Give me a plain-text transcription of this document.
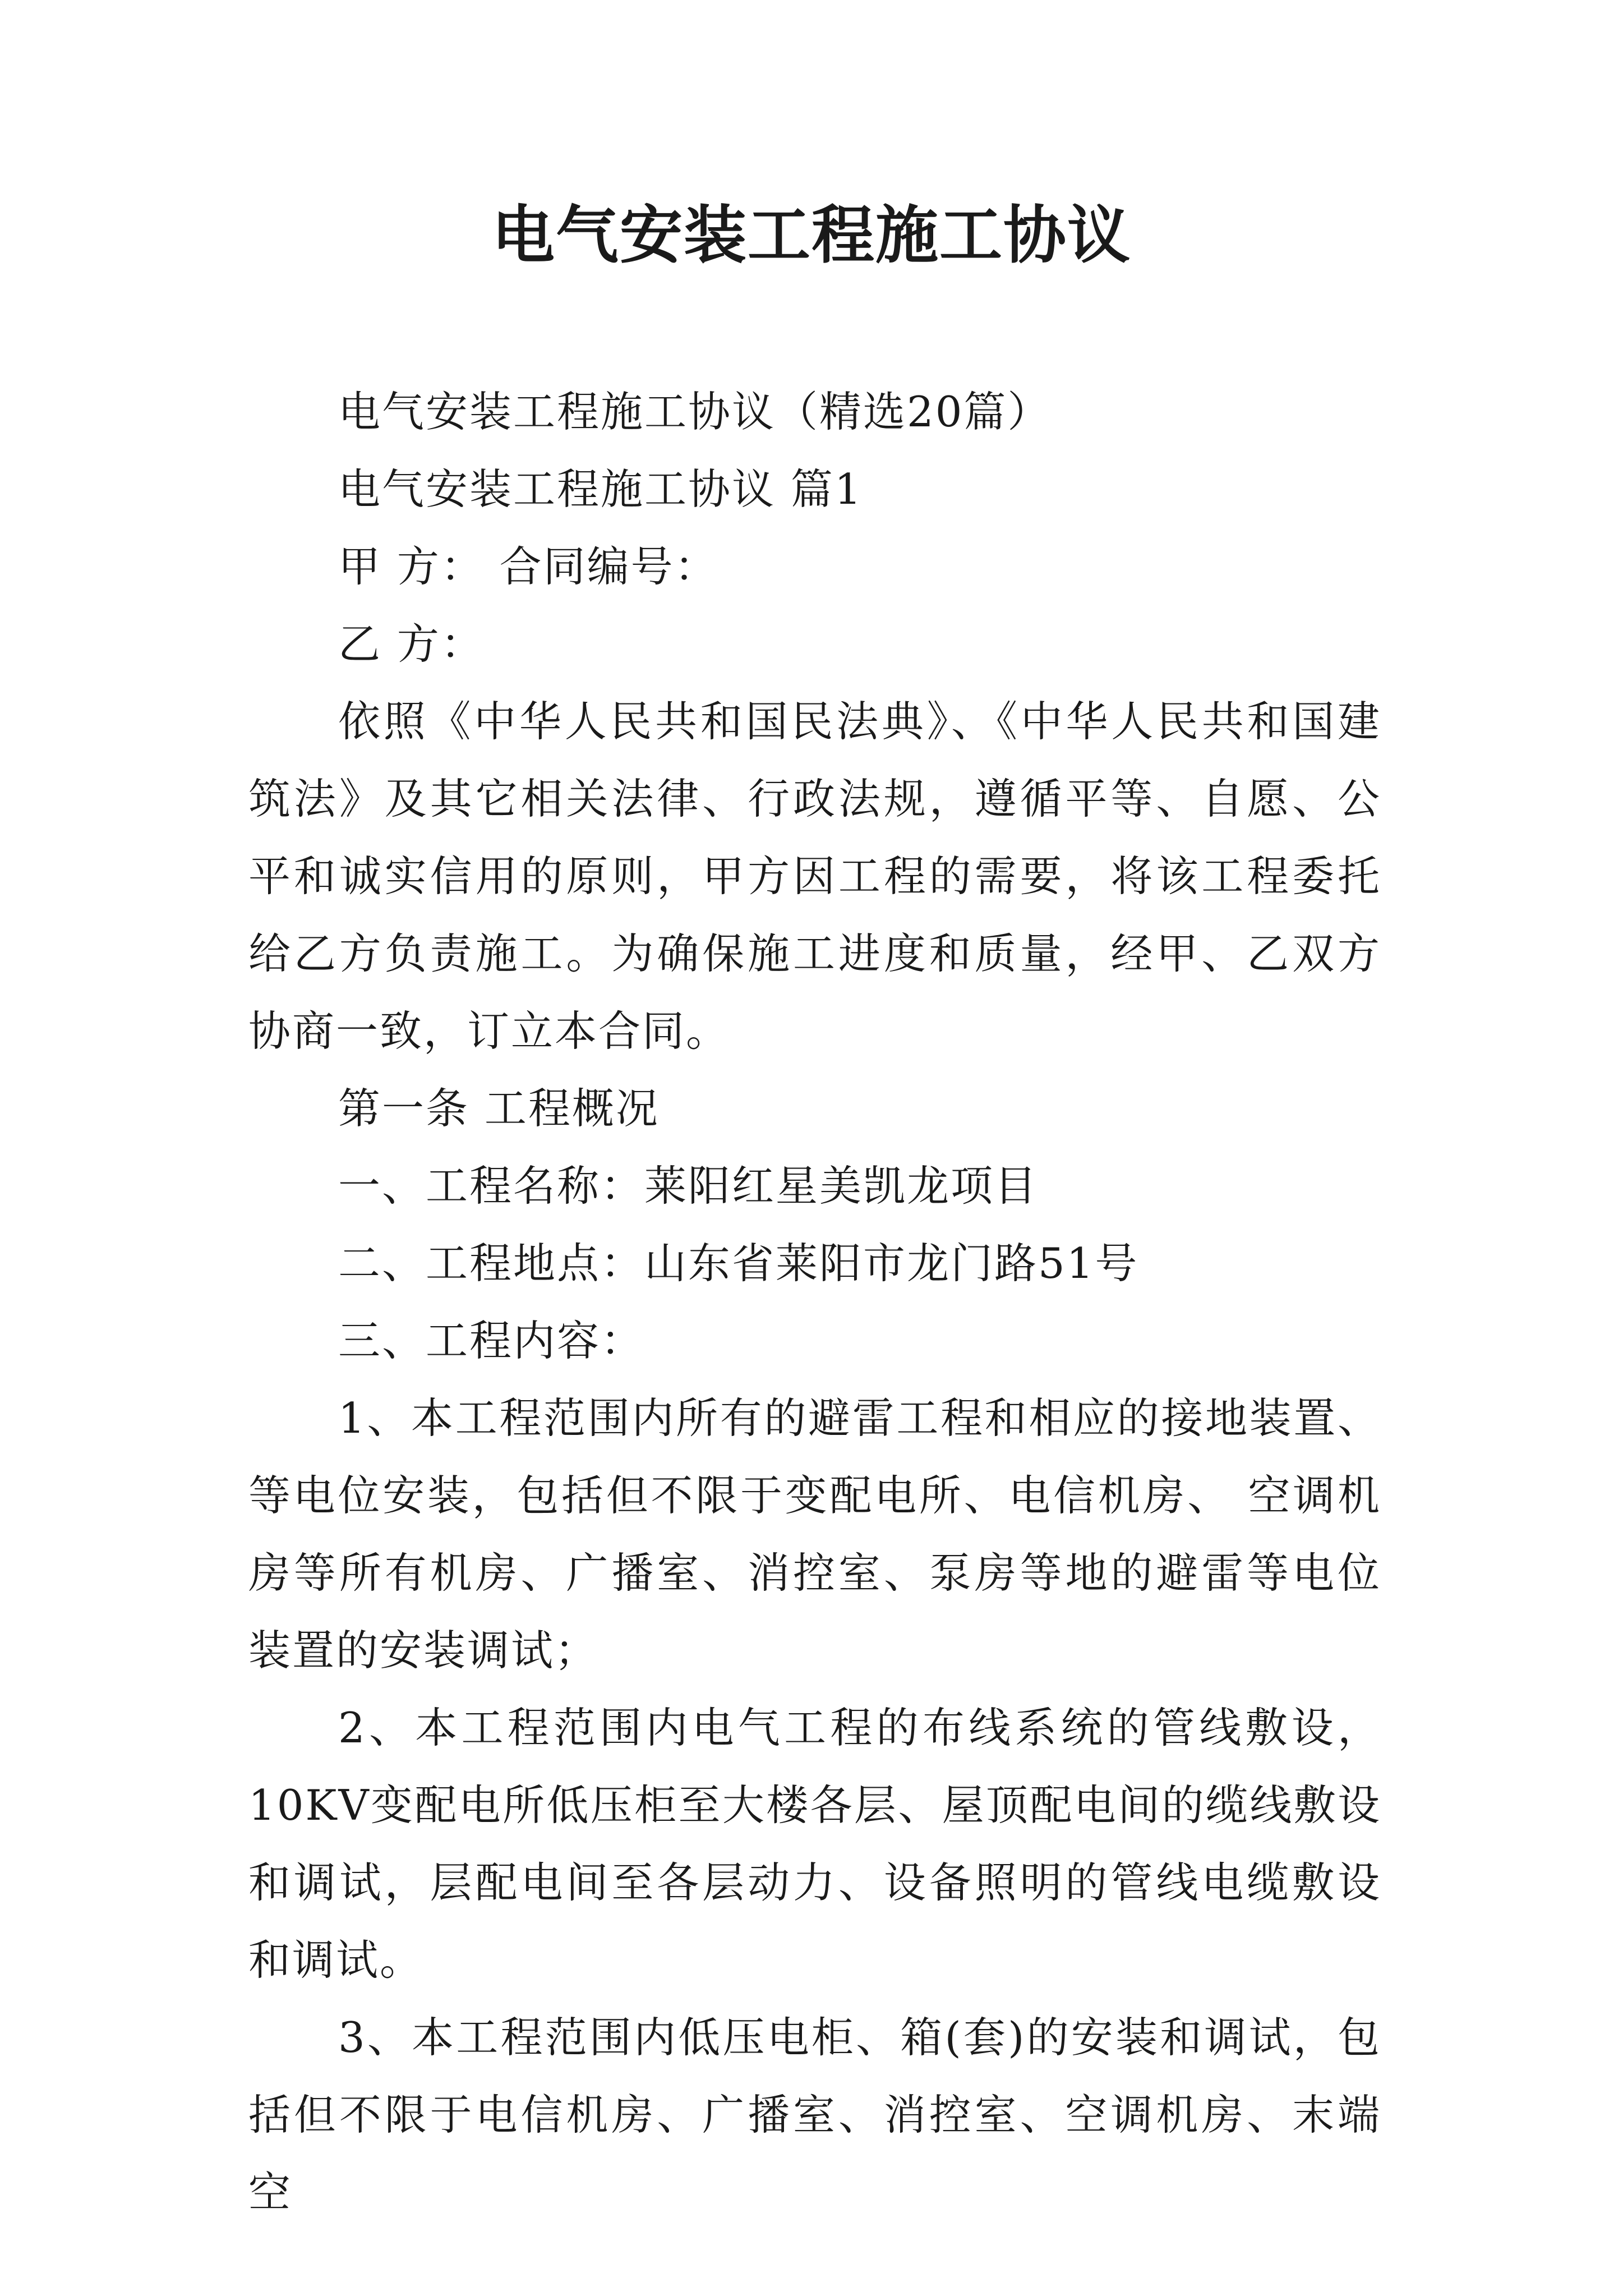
电气安装工程施工协议

电气安装工程施工协议（精选20篇）

电气安装工程施工协议 篇1

甲 方： 合同编号：

乙 方：

依照《中华人民共和国民法典》、《中华人民共和国建筑法》及其它相关法律、行政法规，遵循平等、自愿、公平和诚实信用的原则，甲方因工程的需要，将该工程委托给乙方负责施工。为确保施工进度和质量，经甲、乙双方协商一致，订立本合同。

第一条 工程概况

一、工程名称：莱阳红星美凯龙项目

二、工程地点：山东省莱阳市龙门路51号

三、工程内容：

1、本工程范围内所有的避雷工程和相应的接地装置、等电位安装，包括但不限于变配电所、电信机房、 空调机房等所有机房、广播室、消控室、泵房等地的避雷等电位装置的安装调试；

2、本工程范围内电气工程的布线系统的管线敷设，10KV变配电所低压柜至大楼各层、屋顶配电间的缆线敷设和调试，层配电间至各层动力、设备照明的管线电缆敷设和调试。

3、本工程范围内低压电柜、箱(套)的安装和调试，包括但不限于电信机房、广播室、消控室、空调机房、末端空
